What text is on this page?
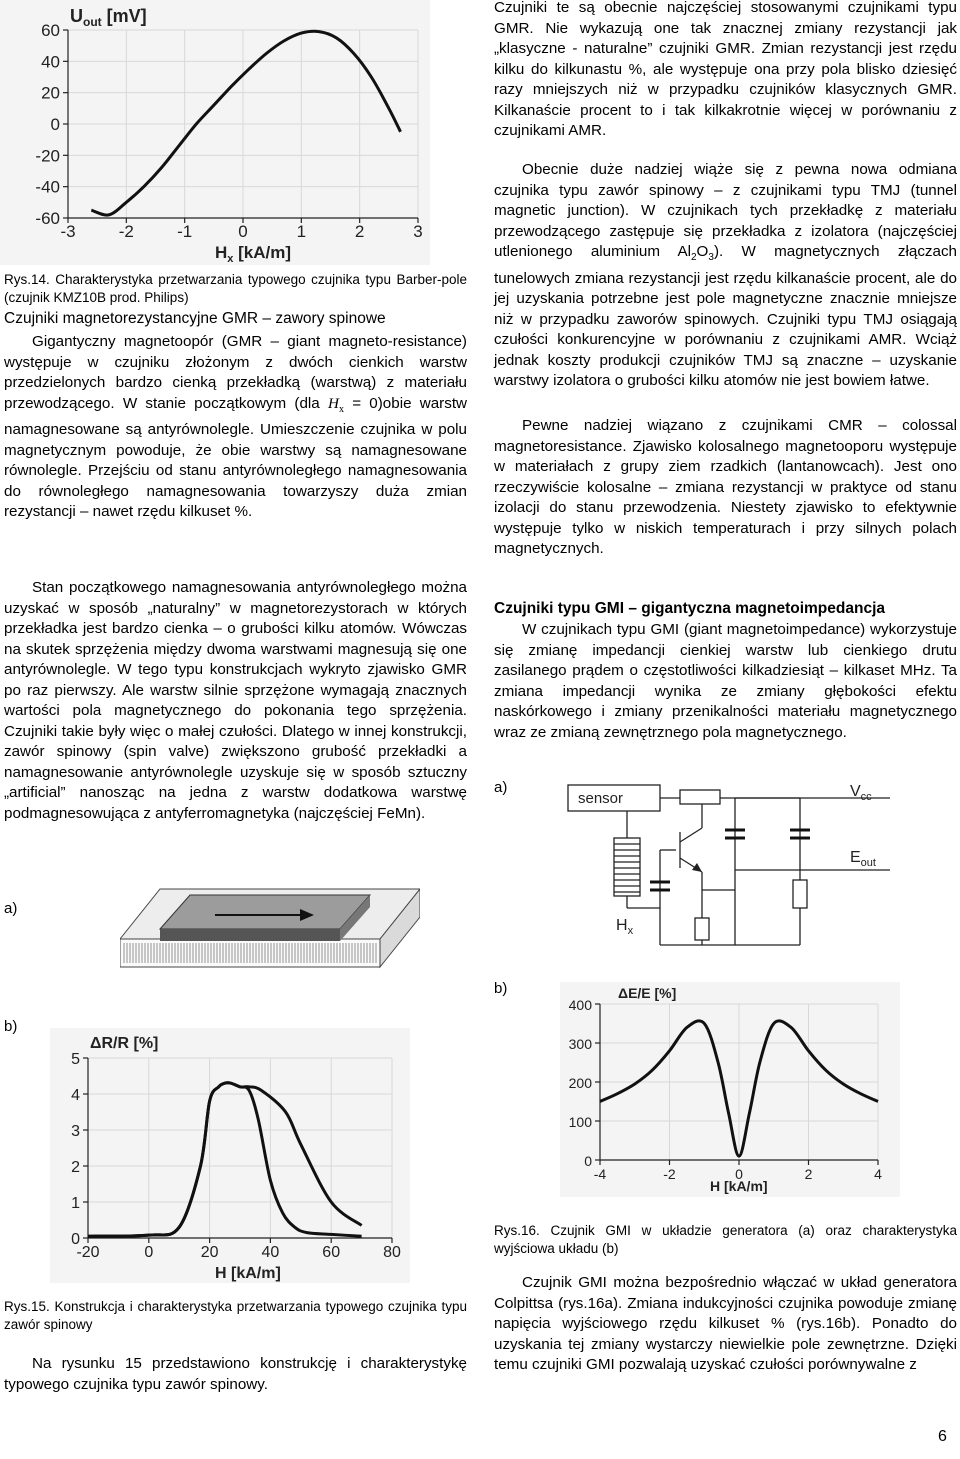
60
40
20
0
-20
-40
-60
-3	-2	-1	0	1	2	3
$U_{out}$ [mV]
$H_x$ [kA/m]

Rys.14. Charakterystyka przetwarzania typowego czujnika typu Barber-pole (czujnik KMZ10B prod. Philips)

Czujniki magnetorezystancyjne GMR – zawory spinowe

Gigantyczny magnetoopór (GMR – giant magneto-resistance) występuje w czujniku złożonym z dwóch cienkich warstw przedzielonych bardzo cienką przekładką (warstwą) z materiału przewodzącego. W stanie początkowym (dla $H_x$ = 0)obie warstw namagnesowane są antyrównolegle. Umieszczenie czujnika w polu magnetycznym powoduje, że obie warstwy są namagnesowane równolegle. Przejściu od stanu antyrównoległego namagnesowania do równoległego namagnesowania towarzyszy duża zmian rezystancji – nawet rzędu kilkuset %.

Stan początkowego namagnesowania antyrównoległego można uzyskać w sposób „naturalny” w magnetorezystorach w których przekładka jest bardzo cienka – o grubości kilku atomów. Wówczas na skutek sprzężenia między dwoma warstwami magnesują się one antyrównolegle. W tego typu konstrukcjach wykryto zjawisko GMR po raz pierwszy. Ale warstw silnie sprzężone wymagają znacznych wartości pola magnetycznego do pokonania tego sprzężenia. Czujniki takie były więc o małej czułości. Dlatego w innej konstrukcji, zawór spinowy (spin valve) zwiększono grubość przekładki a namagnesowanie antyrównolegle uzyskuje się w sposób sztuczny „artificial” nanosząc na jedna z warstw dodatkowa warstwę podmagnesowująca z antyferromagnetyka (najczęściej FeMn).

a)
b)
5
4
3
2
1
0
-20	0	20	40	60	80
ΔR/R [%]
H [kA/m]

Rys.15. Konstrukcja i charakterystyka przetwarzania typowego czujnika typu zawór spinowy

Na rysunku 15 przedstawiono konstrukcję i charakterystykę typowego czujnika typu zawór spinowy.

Czujniki te są obecnie najczęściej stosowanymi czujnikami typu GMR. Nie wykazują one tak znacznej zmiany rezystancji jak „klasyczne - naturalne” czujniki GMR. Zmian rezystancji jest rzędu kilku do kilkunastu %, ale występuje ona przy pola blisko dziesięć razy mniejszych niż w przypadku czujników klasycznych GMR. Kilkanaście procent to i tak kilkakrotnie więcej w porównaniu z czujnikami AMR.

Obecnie duże nadziej wiąże się z pewna nowa odmiana czujnika typu zawór spinowy – z czujnikami typu TMJ (tunnel magnetic junction). W czujnikach tych przekładkę z materiału przewodzącego zastępuje się przekładka z izolatora (najczęściej utlenionego aluminium $Al_2O_3$). W magnetycznych złączach tunelowych zmiana rezystancji jest rzędu kilkanaście procent, ale do jej uzyskania potrzebne jest pole magnetyczne znacznie mniejsze niż w przypadku zaworów spinowych. Czujniki typu TMJ osiągają czułości konkurencyjne w porównaniu z czujnikami AMR. Wciąż jednak koszty produkcji czujników TMJ są znaczne – uzyskanie warstwy izolatora o grubości kilku atomów nie jest bowiem łatwe.

Pewne nadziej wiązano z czujnikami CMR – colossal magnetoresistance. Zjawisko kolosalnego magnetooporu występuje w materiałach z grupy ziem rzadkich (lantanowcach). Jest ono rzeczywiście kolosalne – zmiana rezystancji w praktyce od stanu izolacji do stanu przewodzenia. Niestety zjawisko to efektywnie występuje tylko w niskich temperaturach i przy silnych polach magnetycznych.

Czujniki typu GMI – gigantyczna magnetoimpedancja

W czujnikach typu GMI (giant magnetoimpedance) wykorzystuje się zmianę impedancji cienkiej warstw lub cienkiego drutu zasilanego prądem o częstotliwości kilkadziesiąt – kilkaset MHz. Ta zmiana impedancji wynika ze zmiany głębokości efektu naskórkowego i zmiany przenikalności materiału magnetycznego wraz ze zmianą zewnętrznego pola magnetycznego.

a)
sensor	$V_{cc}$
$E_{out}$
$H_x$
b)
400
300
200
100
0
-4	-2	0	2	4
ΔE/E [%]
H [kA/m]

Rys.16. Czujnik GMI w układzie generatora (a) oraz charakterystyka wyjściowa układu (b)

Czujnik GMI można bezpośrednio włączać w układ generatora Colpittsa (rys.16a). Zmiana indukcyjności czujnika powoduje zmianę napięcia wyjściowego rzędu kilkuset % (rys.16b). Ponadto do uzyskania tej zmiany wystarczy niewielkie pole zewnętrzne. Dzięki temu czujniki GMI pozwalają uzyskać czułości porównywalne z

6
